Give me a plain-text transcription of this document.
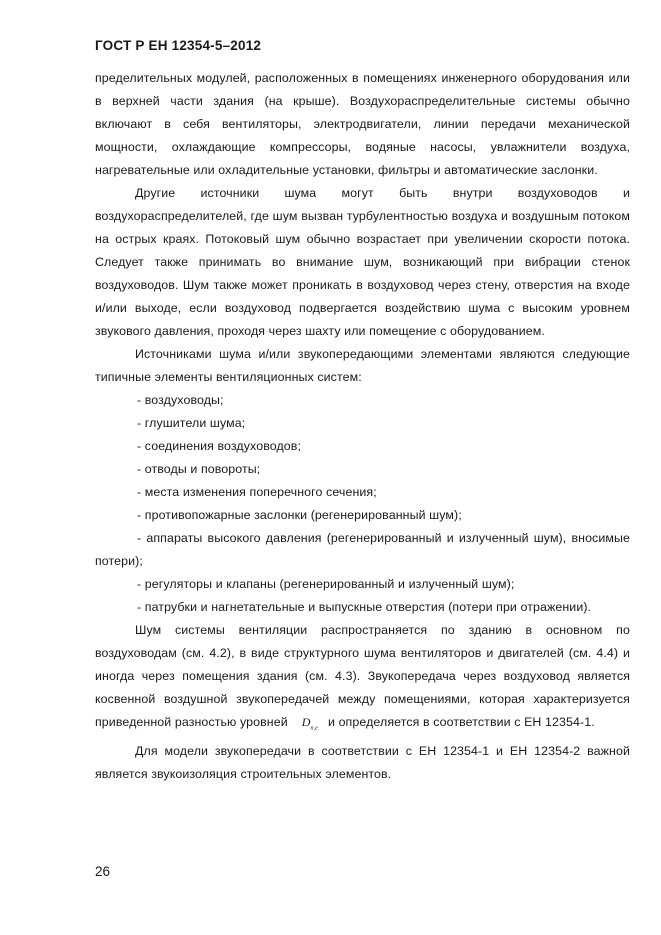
ГОСТ Р ЕН 12354-5–2012

пределительных модулей, расположенных в помещениях инженерного оборудования или в верхней части здания (на крыше). Воздухораспределительные системы обычно включают в себя вентиляторы, электродвигатели, линии передачи механической мощности, охлаждающие компрессоры, водяные насосы, увлажнители воздуха, нагревательные или охладительные установки, фильтры и автоматические заслонки.

Другие источники шума могут быть внутри воздуховодов и воздухораспределителей, где шум вызван турбулентностью воздуха и воздушным потоком на острых краях. Потоковый шум обычно возрастает при увеличении скорости потока. Следует также принимать во внимание шум, возникающий при вибрации стенок воздуховодов. Шум также может проникать в воздуховод через стену, отверстия на входе и/или выходе, если воздуховод подвергается воздействию шума с высоким уровнем звукового давления, проходя через шахту или помещение с оборудованием.

Источниками шума и/или звукопередающими элементами являются следующие типичные элементы вентиляционных систем:

- воздуховоды;
- глушители шума;
- соединения воздуховодов;
- отводы и повороты;
- места изменения поперечного сечения;
- противопожарные заслонки (регенерированный шум);
- аппараты высокого давления (регенерированный и излученный шум), вносимые потери);
- регуляторы и клапаны (регенерированный и излученный шум);
- патрубки и нагнетательные и выпускные отверстия (потери при отражении).

Шум системы вентиляции распространяется по зданию в основном по воздуховодам (см. 4.2), в виде структурного шума вентиляторов и двигателей (см. 4.4) и иногда через помещения здания (см. 4.3). Звукопередача через воздуховод является косвенной воздушной звукопередачей между помещениями, которая характеризуется приведенной разностью уровней $D_{n,e}$ и определяется в соответствии с ЕН 12354-1.

Для модели звукопередачи в соответствии с ЕН 12354-1 и ЕН 12354-2 важной является звукоизоляция строительных элементов.

26
